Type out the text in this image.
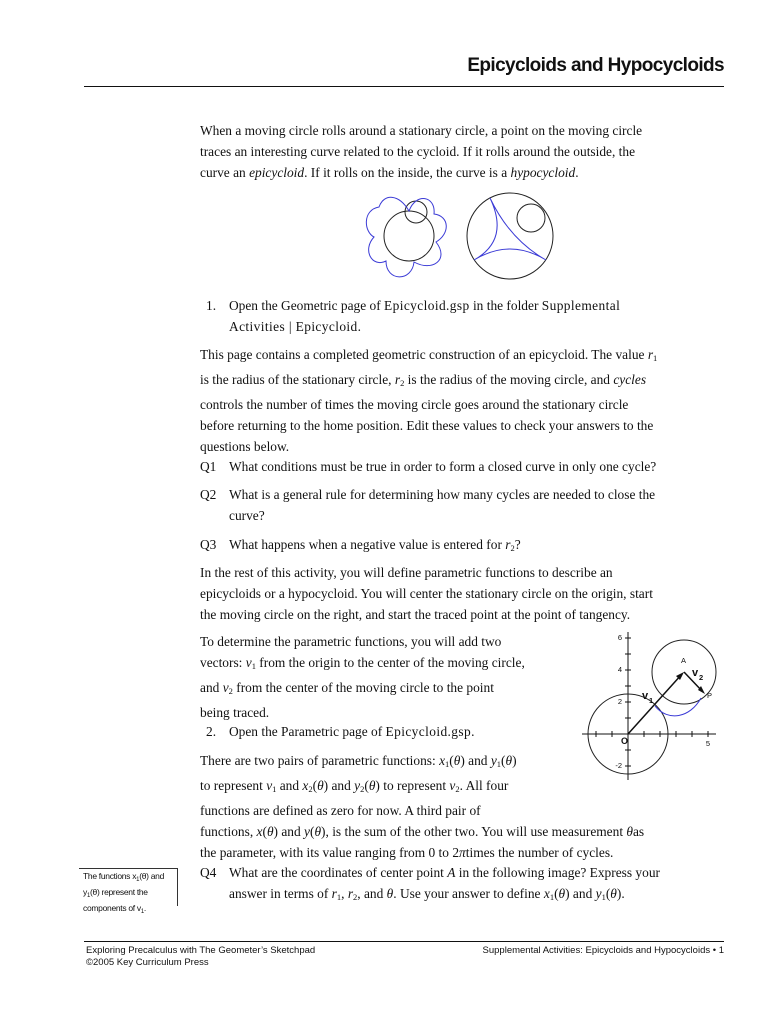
Epicycloids and Hypocycloids

When a moving circle rolls around a stationary circle, a point on the moving circle
traces an interesting curve related to the cycloid. If it rolls around the outside, the
curve an epicycloid. If it rolls on the inside, the curve is a hypocycloid.

1. Open the Geometric page of Epicycloid.gsp in the folder Supplemental
Activities | Epicycloid.

This page contains a completed geometric construction of an epicycloid. The value $r_1$
is the radius of the stationary circle, $r_2$ is the radius of the moving circle, and cycles
controls the number of times the moving circle goes around the stationary circle
before returning to the home position. Edit these values to check your answers to the
questions below.

Q1 What conditions must be true in order to form a closed curve in only one cycle?

Q2 What is a general rule for determining how many cycles are needed to close the
curve?

Q3 What happens when a negative value is entered for $r_2$?

In the rest of this activity, you will define parametric functions to describe an
epicycloids or a hypocycloid. You will center the stationary circle on the origin, start
the moving circle on the right, and start the traced point at the point of tangency.

To determine the parametric functions, you will add two
vectors: $v_1$ from the origin to the center of the moving circle,
and $v_2$ from the center of the moving circle to the point
being traced.

2. Open the Parametric page of Epicycloid.gsp.

There are two pairs of parametric functions: $x_1(\theta)$ and $y_1(\theta)$
to represent $v_1$ and $x_2(\theta)$ and $y_2(\theta)$ to represent $v_2$. All four
functions are defined as zero for now. A third pair of
functions, x(θ) and y(θ), is the sum of the other two. You will use measurement θas
the parameter, with its value ranging from 0 to 2πtimes the number of cycles.

6
4
2
-2
5
A
P
O
v 1
v 2
The functions $x_1(\theta)$ and $y_1(\theta)$ represent the components of $v_1$.
Q4 What are the coordinates of center point A in the following image? Express your
answer in terms of $r_1$, $r_2$, and θ. Use your answer to define $x_1(\theta)$ and $y_1(\theta)$.

Exploring Precalculus with The Geometer’s Sketchpad
©2005 Key Curriculum Press
Supplemental Activities: Epicycloids and Hypocycloids • 1
